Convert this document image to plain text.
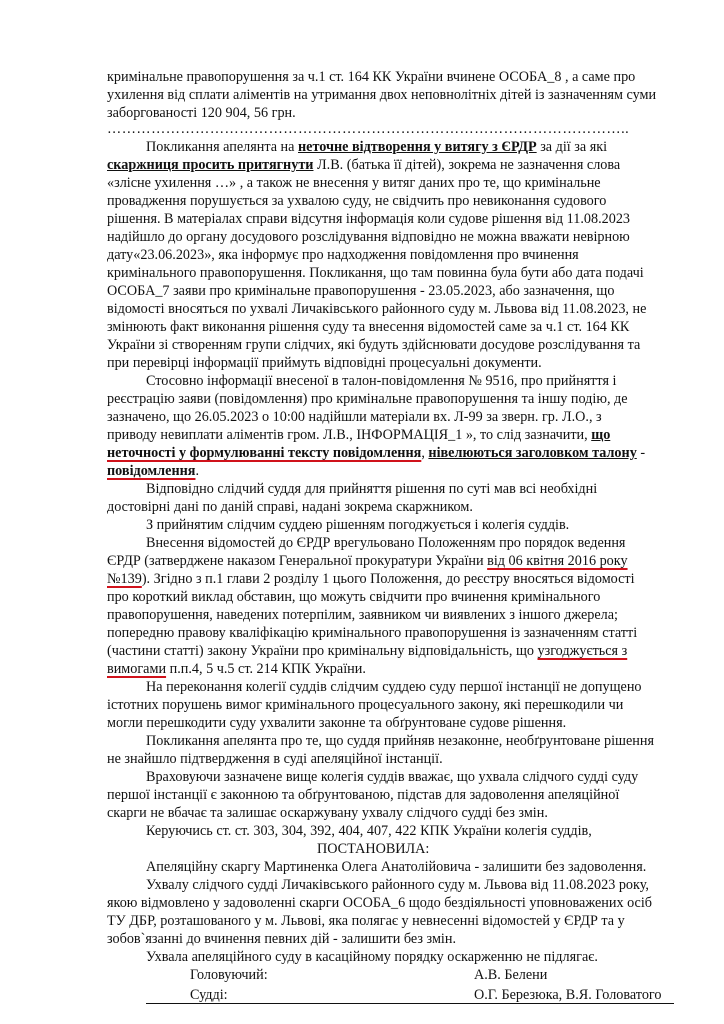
кримінальне правопорушення за ч.1 ст. 164 КК України вчинене ОСОБА_8 , а саме про
ухилення від сплати аліментів на утримання двох неповнолітніх дітей із зазначенням суми
заборгованості 120 904, 56 грн.
……………………………………………………………………………………………..
Покликання апелянта на неточне відтворення у витягу з ЄРДР за дії за які
скаржниця просить притягнути Л.В. (батька її дітей), зокрема не зазначення слова
«злісне ухилення …» , а також не внесення у витяг даних про те, що кримінальне
провадження порушується за ухвалою суду, не свідчить про невиконання судового
рішення. В матеріалах справи відсутня інформація коли судове рішення від 11.08.2023
надійшло до органу досудового розслідування відповідно не можна вважати невірною
дату«23.06.2023», яка інформує про надходження повідомлення про вчинення
кримінального правопорушення. Покликання, що там повинна була бути або дата подачі
ОСОБА_7 заяви про кримінальне правопорушення - 23.05.2023, або зазначення, що
відомості вносяться по ухвалі Личаківського районного суду м. Львова від 11.08.2023, не
змінюють факт виконання рішення суду та внесення відомостей саме за ч.1 ст. 164 КК
України зі створенням групи слідчих, які будуть здійснювати досудове розслідування та
при перевірці інформації приймуть відповідні процесуальні документи.
Стосовно інформації внесеної в талон-повідомлення № 9516, про прийняття і
реєстрацію заяви (повідомлення) про кримінальне правопорушення та іншу подію, де
зазначено, що 26.05.2023 о 10:00 надійшли матеріали вх. Л-99 за зверн. гр. Л.О., з
приводу невиплати аліментів гром. Л.В., ІНФОРМАЦІЯ_1 », то слід зазначити, що
неточності у формулюванні тексту повідомлення, нівелюються заголовком талону -
повідомлення.
Відповідно слідчий суддя для прийняття рішення по суті мав всі необхідні
достовірні дані по даній справі, надані зокрема скаржником.
З прийнятим слідчим суддею рішенням погоджується і колегія суддів.
Внесення відомостей до ЄРДР врегульовано Положенням про порядок ведення
ЄРДР (затверджене наказом Генеральної прокуратури України від 06 квітня 2016 року
№139). Згідно з п.1 глави 2 розділу 1 цього Положення, до реєстру вносяться відомості
про короткий виклад обставин, що можуть свідчити про вчинення кримінального
правопорушення, наведених потерпілим, заявником чи виявлених з іншого джерела;
попередню правову кваліфікацію кримінального правопорушення із зазначенням статті
(частини статті) закону України про кримінальну відповідальність, що узгоджується з
вимогами п.п.4, 5 ч.5 ст. 214 КПК України.
На переконання колегії суддів слідчим суддею суду першої інстанції не допущено
істотних порушень вимог кримінального процесуального закону, які перешкодили чи
могли перешкодити суду ухвалити законне та обґрунтоване судове рішення.
Покликання апелянта про те, що суддя прийняв незаконне, необґрунтоване рішення
не знайшло підтвердження в суді апеляційної інстанції.
Враховуючи зазначене вище колегія суддів вважає, що ухвала слідчого судді суду
першої інстанції є законною та обґрунтованою, підстав для задоволення апеляційної
скарги не вбачає та залишає оскаржувану ухвалу слідчого судді без змін.
Керуючись ст. ст. 303, 304, 392, 404, 407, 422 КПК України колегія суддів,
ПОСТАНОВИЛА:
Апеляційну скаргу Мартиненка Олега Анатолійовича - залишити без задоволення.
Ухвалу слідчого судді Личаківського районного суду м. Львова від 11.08.2023 року,
якою відмовлено у задоволенні скарги ОСОБА_6 щодо бездіяльності уповноважених осіб
ТУ ДБР, розташованого у м. Львові, яка полягає у невнесенні відомостей у ЄРДР та у
зобов`язанні до вчинення певних дій - залишити без змін.
Ухвала апеляційного суду в касаційному порядку оскарженню не підлягає.
Головуючий:	А.В. Белени
Судді:	О.Г. Березюка, В.Я. Головатого
